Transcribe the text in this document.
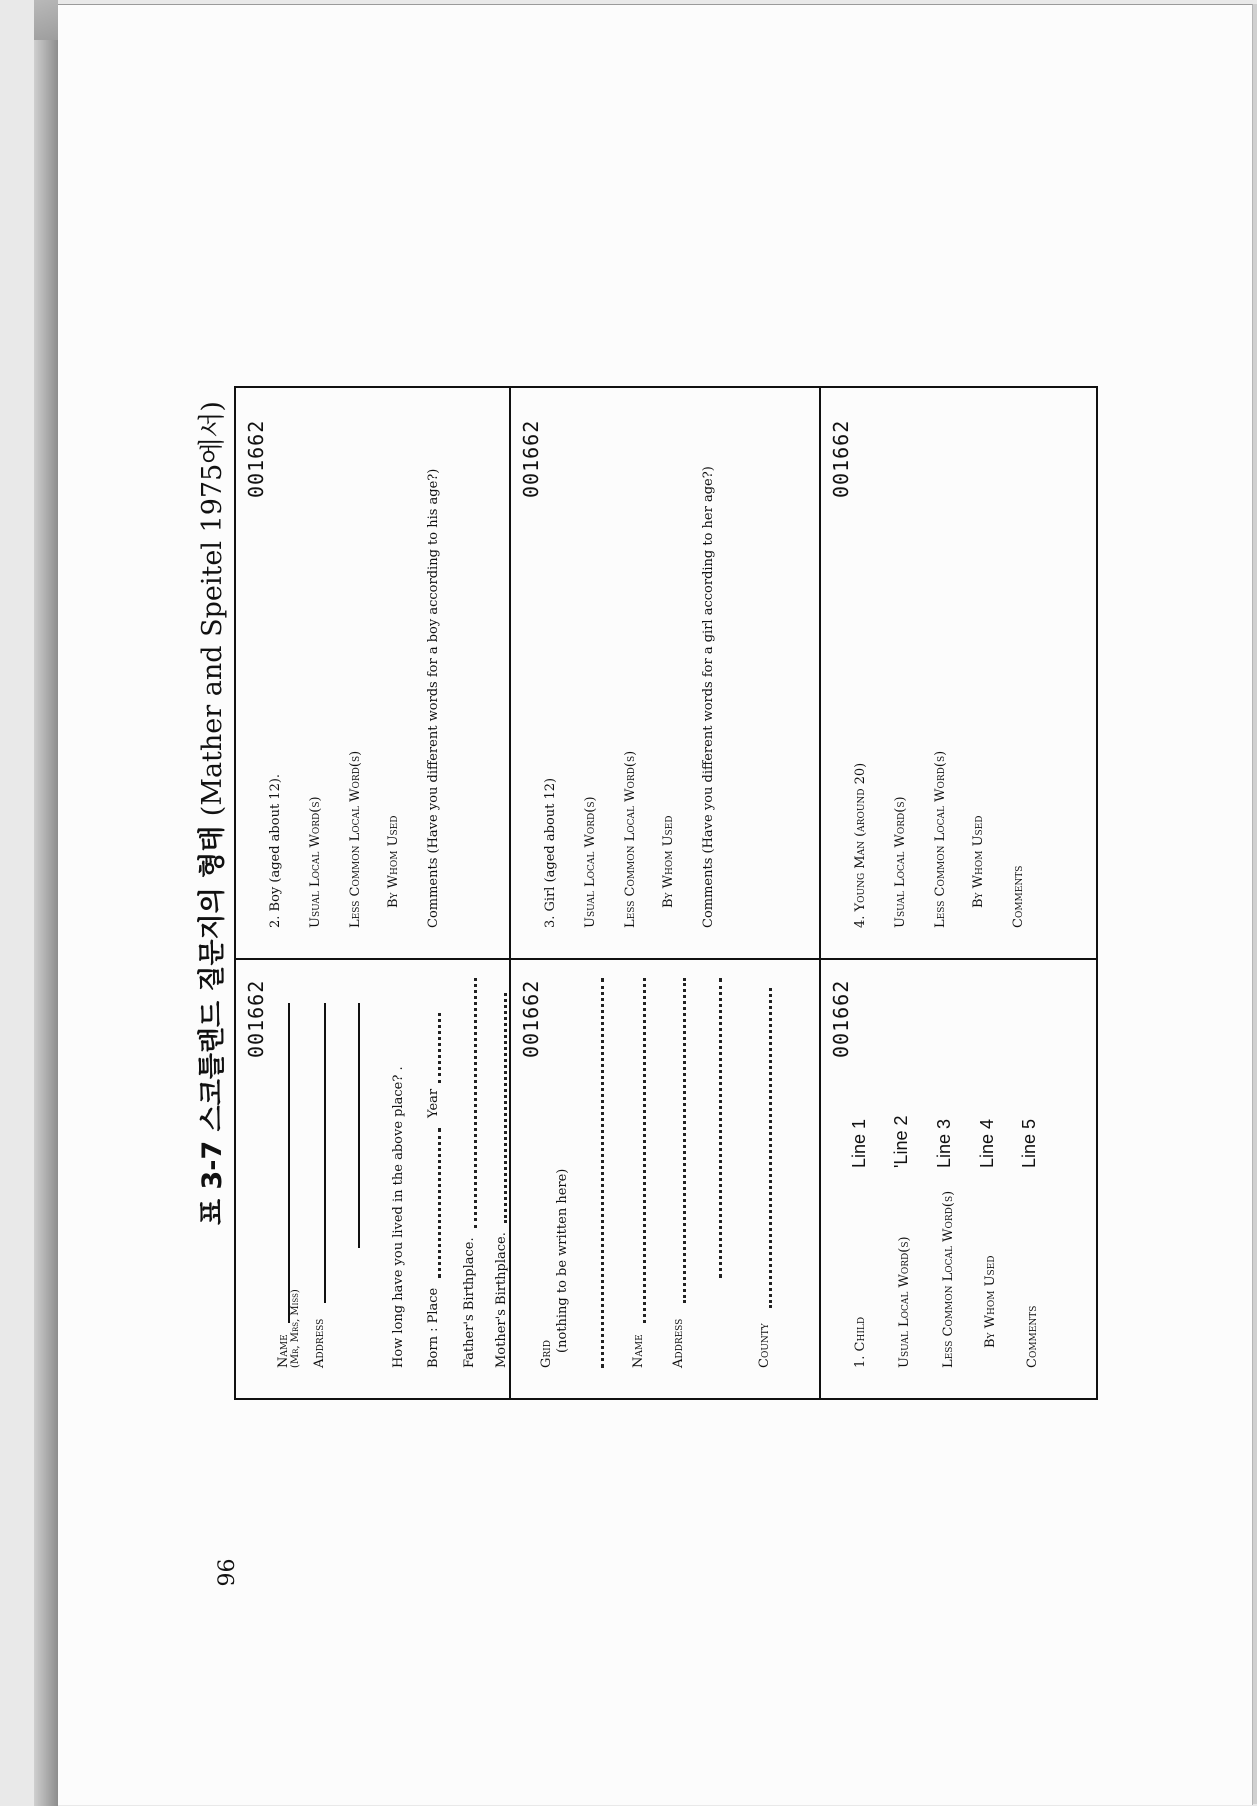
96
표 3-7 스코틀랜드 질문지의 형태 (Mather and Speitel 1975에서)
001662
Name (Mr, Mrs, Miss) Address	How long have you lived in the above place? . Born : Place
Year
Father's Birthplace. Mother's Birthplace.
001662
Grid
(nothing to be written here)	Name Address	County
001662
1. Child Usual Local Word(s) Less Common Local Word(s) By Whom Used Comments
Line 1 'Line 2 Line 3 Line 4 Line 5
001662
2. Boy (aged about 12). Usual Local Word(s) Less Common Local Word(s) By Whom Used Comments (Have you different words for a boy according to his age?)
001662
3. Girl (aged about 12) Usual Local Word(s) Less Common Local Word(s) By Whom Used Comments (Have you different words for a girl according to her age?)
001662
4. Young Man (around 20) Usual Local Word(s) Less Common Local Word(s) By Whom Used Comments
